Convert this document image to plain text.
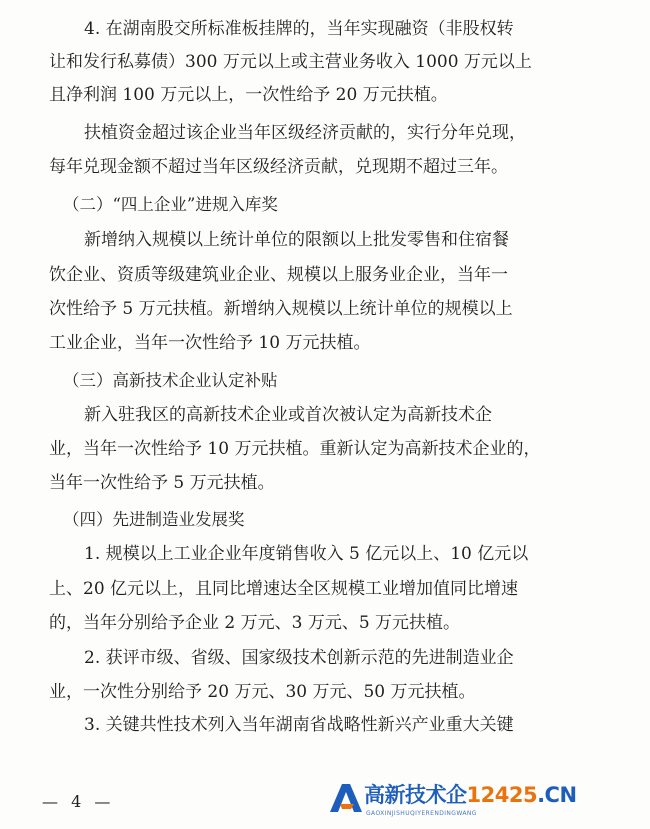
4. 在湖南股交所标准板挂牌的，当年实现融资（非股权转
让和发行私募债）300 万元以上或主营业务收入 1000 万元以上
且净利润 100 万元以上，一次性给予 20 万元扶植。
扶植资金超过该企业当年区级经济贡献的，实行分年兑现，
每年兑现金额不超过当年区级经济贡献，兑现期不超过三年。
（二）“四上企业”进规入库奖
新增纳入规模以上统计单位的限额以上批发零售和住宿餐
饮企业、资质等级建筑业企业、规模以上服务业企业，当年一
次性给予 5 万元扶植。新增纳入规模以上统计单位的规模以上
工业企业，当年一次性给予 10 万元扶植。
（三）高新技术企业认定补贴
新入驻我区的高新技术企业或首次被认定为高新技术企
业，当年一次性给予 10 万元扶植。重新认定为高新技术企业的，
当年一次性给予 5 万元扶植。
（四）先进制造业发展奖
1. 规模以上工业企业年度销售收入 5 亿元以上、10 亿元以
上、20 亿元以上，且同比增速达全区规模工业增加值同比增速
的，当年分别给予企业 2 万元、3 万元、5 万元扶植。
2. 获评市级、省级、国家级技术创新示范的先进制造业企
业，一次性分别给予 20 万元、30 万元、50 万元扶植。
3. 关键共性技术列入当年湖南省战略性新兴产业重大关键
— 4 —	高新技术企12425.CN
GAOXINJISHUQIYERENDINGWANG
